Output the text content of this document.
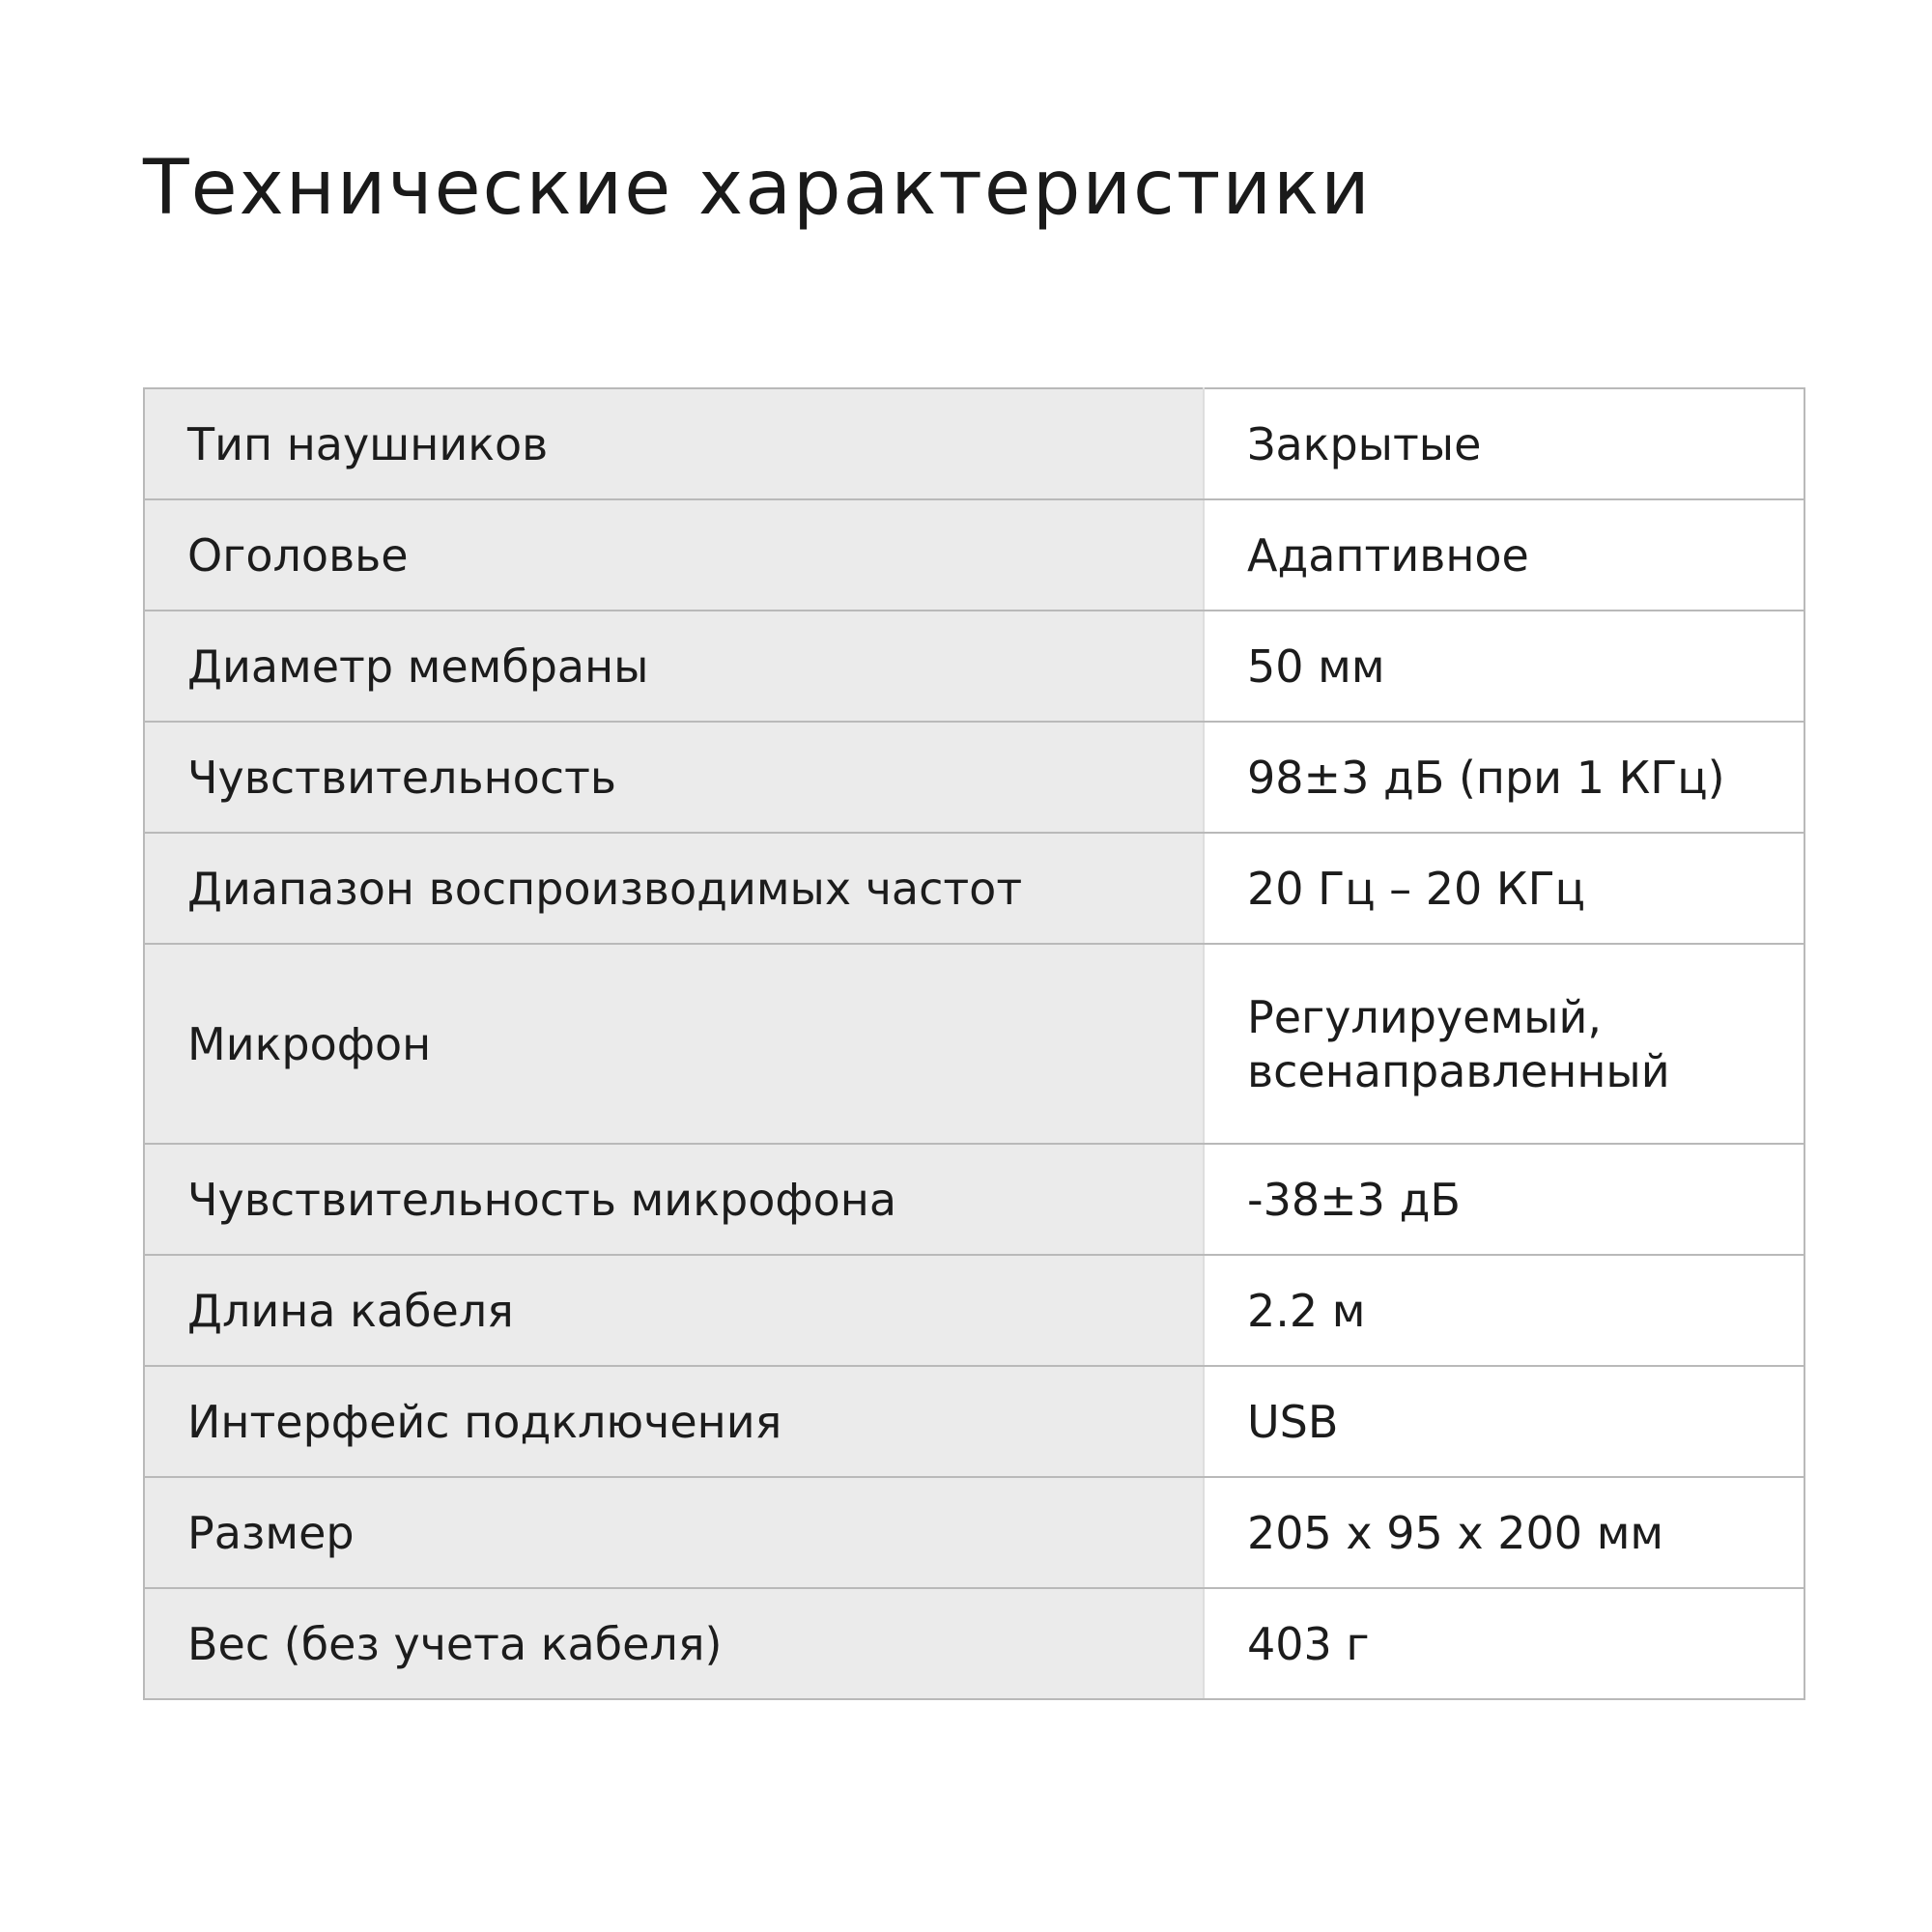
Технические характеристики
Тип наушников	Закрытые
Оголовье	Адаптивное
Диаметр мембраны	50 мм
Чувствительность	98±3 дБ (при 1 КГц)
Диапазон воспроизводимых частот	20 Гц – 20 КГц
Микрофон	Регулируемый,
всенаправленный
Чувствительность микрофона	-38±3 дБ
Длина кабеля	2.2 м
Интерфейс подключения	USB
Размер	205 x 95 x 200 мм
Вес (без учета кабеля)	403 г
